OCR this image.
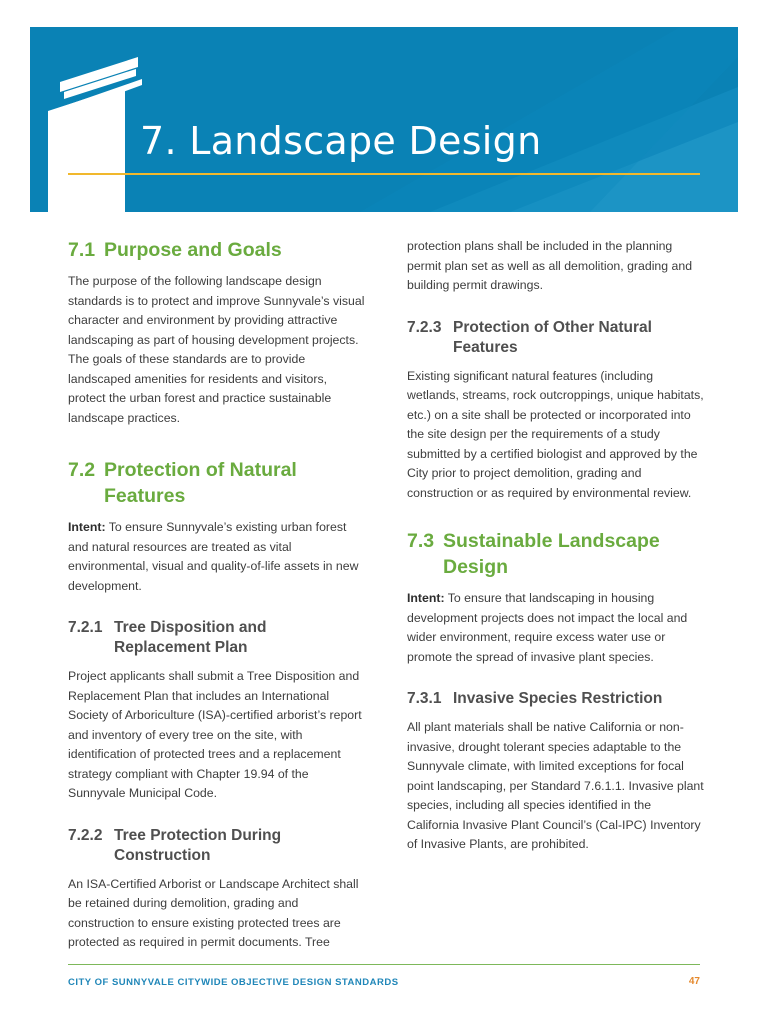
7. Landscape Design
7.1 Purpose and Goals

The purpose of the following landscape design standards is to protect and improve Sunnyvale’s visual character and environment by providing attractive landscaping as part of housing development projects. The goals of these standards are to provide landscaped amenities for residents and visitors, protect the urban forest and practice sustainable landscape practices.

7.2 Protection of Natural Features

Intent: To ensure Sunnyvale’s existing urban forest and natural resources are treated as vital environmental, visual and quality-of-life assets in new development.

7.2.1 Tree Disposition and Replacement Plan

Project applicants shall submit a Tree Disposition and Replacement Plan that includes an International Society of Arboriculture (ISA)-certified arborist’s report and inventory of every tree on the site, with identification of protected trees and a replacement strategy compliant with Chapter 19.94 of the Sunnyvale Municipal Code.

7.2.2 Tree Protection During Construction

An ISA-Certified Arborist or Landscape Architect shall be retained during demolition, grading and construction to ensure existing protected trees are protected as required in permit documents. Tree

protection plans shall be included in the planning permit plan set as well as all demolition, grading and building permit drawings.

7.2.3 Protection of Other Natural Features

Existing significant natural features (including wetlands, streams, rock outcroppings, unique habitats, etc.) on a site shall be protected or incorporated into the site design per the requirements of a study submitted by a certified biologist and approved by the City prior to project demolition, grading and construction or as required by environmental review.

7.3 Sustainable Landscape Design

Intent: To ensure that landscaping in housing development projects does not impact the local and wider environment, require excess water use or promote the spread of invasive plant species.

7.3.1 Invasive Species Restriction

All plant materials shall be native California or non-invasive, drought tolerant species adaptable to the Sunnyvale climate, with limited exceptions for focal point landscaping, per Standard 7.6.1.1. Invasive plant species, including all species identified in the California Invasive Plant Council’s (Cal-IPC) Inventory of Invasive Plants, are prohibited.

CITY OF SUNNYVALE CITYWIDE OBJECTIVE DESIGN STANDARDS	47
